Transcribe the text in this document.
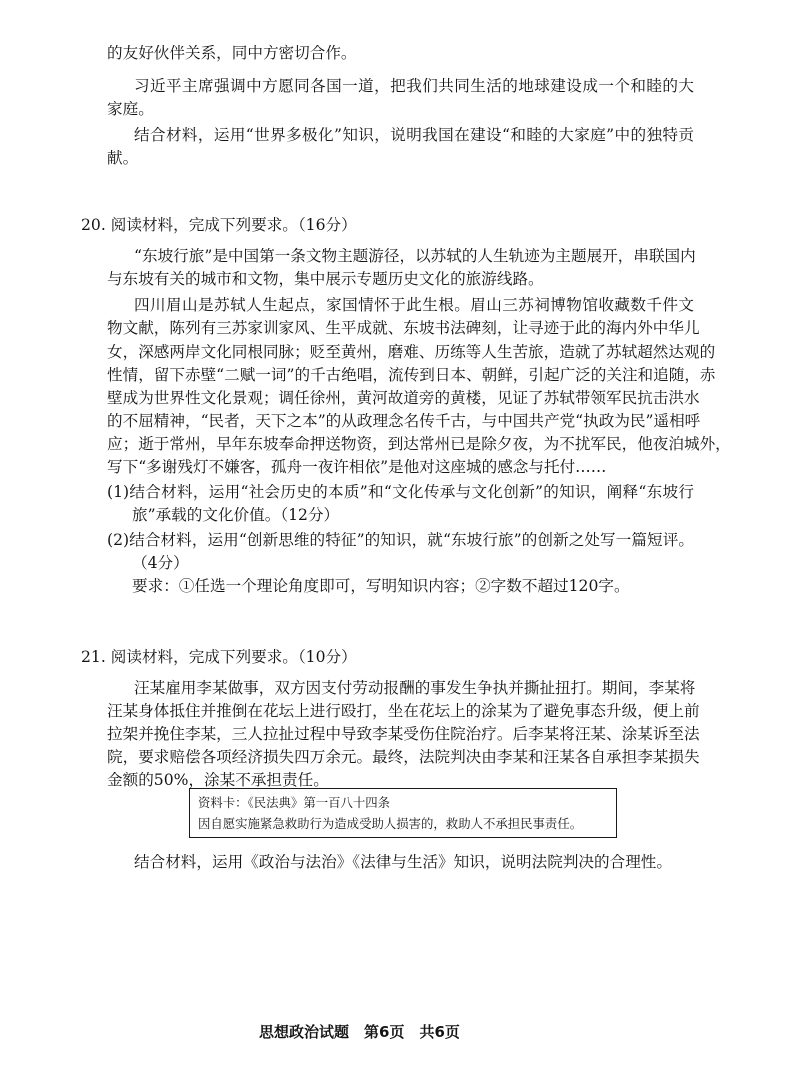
的友好伙伴关系，同中方密切合作。
习近平主席强调中方愿同各国一道，把我们共同生活的地球建设成一个和睦的大
家庭。
结合材料，运用“世界多极化”知识，说明我国在建设“和睦的大家庭”中的独特贡
献。
20. 阅读材料，完成下列要求。（16分）
“东坡行旅”是中国第一条文物主题游径，以苏轼的人生轨迹为主题展开，串联国内
与东坡有关的城市和文物，集中展示专题历史文化的旅游线路。
四川眉山是苏轼人生起点，家国情怀于此生根。眉山三苏祠博物馆收藏数千件文
物文献，陈列有三苏家训家风、生平成就、东坡书法碑刻，让寻迹于此的海内外中华儿
女，深感两岸文化同根同脉；贬至黄州，磨难、历练等人生苦旅，造就了苏轼超然达观的
性情，留下赤壁“二赋一词”的千古绝唱，流传到日本、朝鲜，引起广泛的关注和追随，赤
壁成为世界性文化景观；调任徐州，黄河故道旁的黄楼，见证了苏轼带领军民抗击洪水
的不屈精神，“民者，天下之本”的从政理念名传千古，与中国共产党“执政为民”遥相呼
应；逝于常州，早年东坡奉命押送物资，到达常州已是除夕夜，为不扰军民，他夜泊城外，
写下“多谢残灯不嫌客，孤舟一夜许相依”是他对这座城的感念与托付……
(1)结合材料，运用“社会历史的本质”和“文化传承与文化创新”的知识，阐释“东坡行
旅”承载的文化价值。（12分）
(2)结合材料，运用“创新思维的特征”的知识，就“东坡行旅”的创新之处写一篇短评。
（4分）
要求：①任选一个理论角度即可，写明知识内容；②字数不超过120字。
21. 阅读材料，完成下列要求。（10分）
汪某雇用李某做事，双方因支付劳动报酬的事发生争执并撕扯扭打。期间，李某将
汪某身体抵住并推倒在花坛上进行殴打，坐在花坛上的涂某为了避免事态升级，便上前
拉架并挽住李某，三人拉扯过程中导致李某受伤住院治疗。后李某将汪某、涂某诉至法
院，要求赔偿各项经济损失四万余元。最终，法院判决由李某和汪某各自承担李某损失
金额的50%，涂某不承担责任。
资料卡：《民法典》第一百八十四条
因自愿实施紧急救助行为造成受助人损害的，救助人不承担民事责任。
结合材料，运用《政治与法治》《法律与生活》知识，说明法院判决的合理性。
思想政治试题　第6页　共6页
